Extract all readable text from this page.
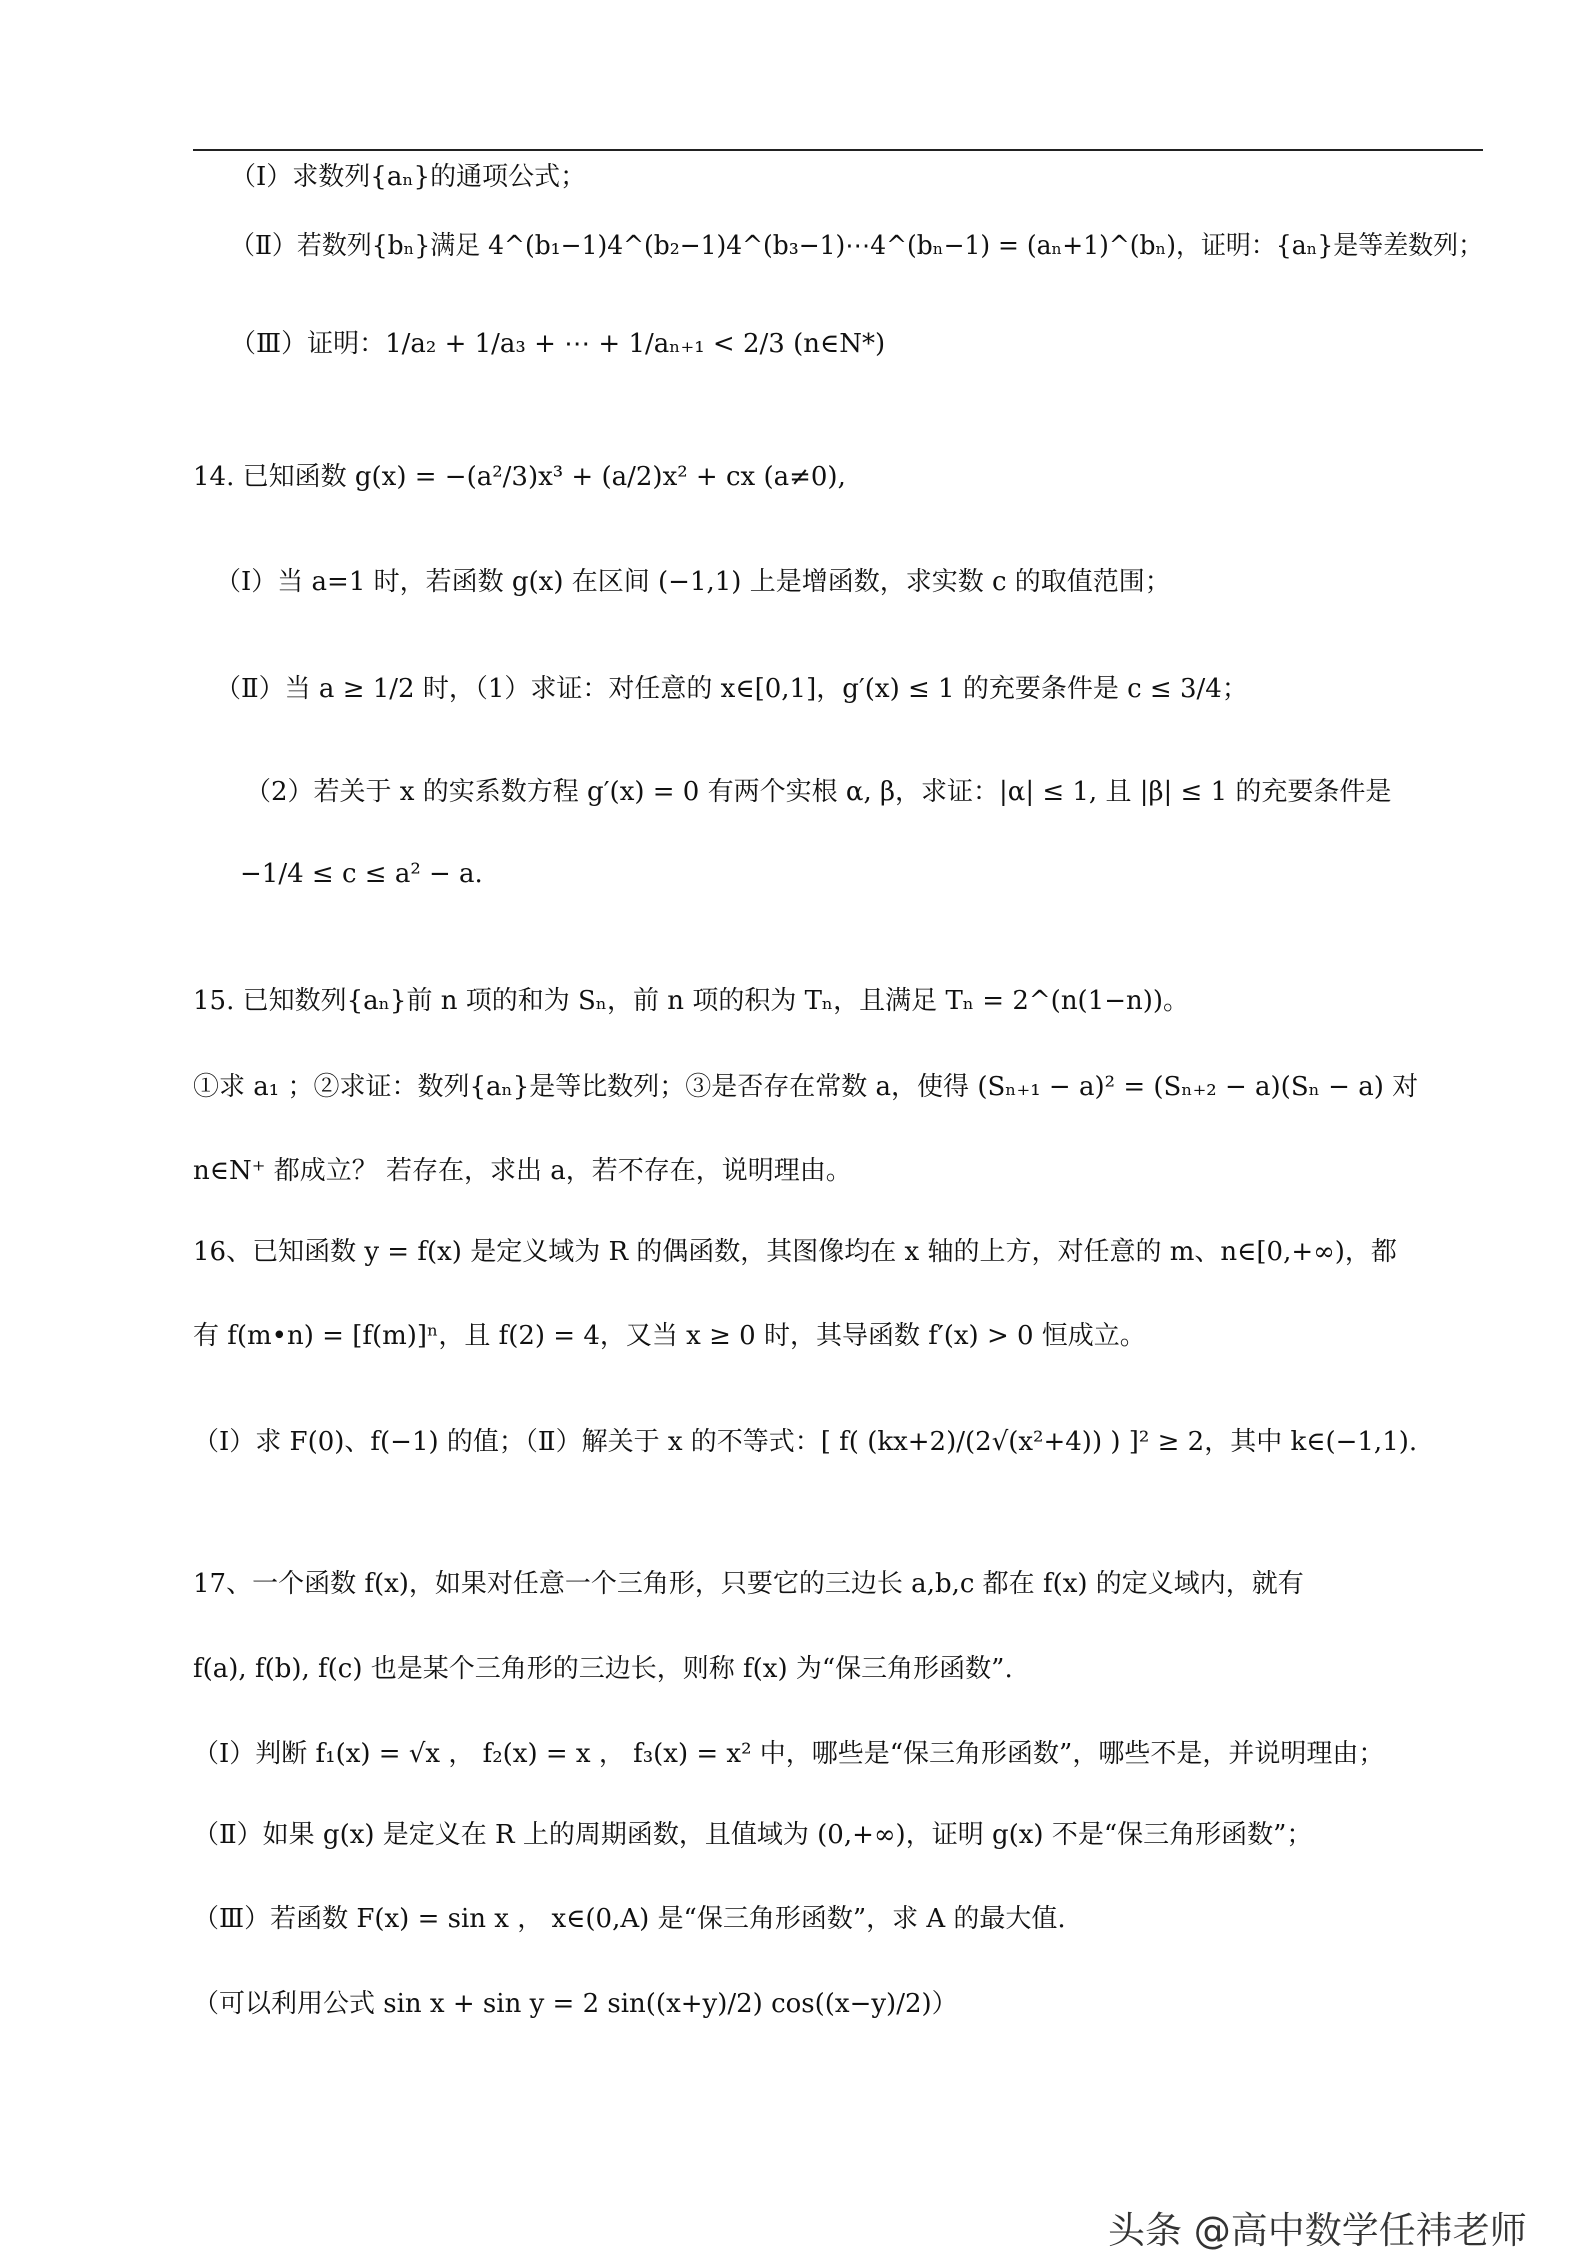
（Ⅰ）求数列{aₙ}的通项公式；
（Ⅱ）若数列{bₙ}满足 4^(b₁−1)4^(b₂−1)4^(b₃−1)⋯4^(bₙ−1) = (aₙ+1)^(bₙ)，证明：{aₙ}是等差数列；
（Ⅲ）证明：1/a₂ + 1/a₃ + ⋯ + 1/aₙ₊₁ < 2/3 (n∈N*)
14. 已知函数 g(x) = −(a²/3)x³ + (a/2)x² + cx (a≠0),
（Ⅰ）当 a=1 时，若函数 g(x) 在区间 (−1,1) 上是增函数，求实数 c 的取值范围；
（Ⅱ）当 a ≥ 1/2 时，（1）求证：对任意的 x∈[0,1]，g′(x) ≤ 1 的充要条件是 c ≤ 3/4；
（2）若关于 x 的实系数方程 g′(x) = 0 有两个实根 α, β，求证：|α| ≤ 1, 且 |β| ≤ 1 的充要条件是
−1/4 ≤ c ≤ a² − a.
15. 已知数列{aₙ}前 n 项的和为 Sₙ，前 n 项的积为 Tₙ，且满足 Tₙ = 2^(n(1−n))。
①求 a₁ ；②求证：数列{aₙ}是等比数列；③是否存在常数 a，使得 (Sₙ₊₁ − a)² = (Sₙ₊₂ − a)(Sₙ − a) 对
n∈N⁺ 都成立？ 若存在，求出 a，若不存在，说明理由。
16、已知函数 y = f(x) 是定义域为 R 的偶函数，其图像均在 x 轴的上方，对任意的 m、n∈[0,+∞)，都
有 f(m•n) = [f(m)]ⁿ，且 f(2) = 4，又当 x ≥ 0 时，其导函数 f′(x) > 0 恒成立。
（Ⅰ）求 F(0)、f(−1) 的值；（Ⅱ）解关于 x 的不等式：[ f( (kx+2)/(2√(x²+4)) ) ]² ≥ 2，其中 k∈(−1,1).
17、一个函数 f(x)，如果对任意一个三角形，只要它的三边长 a,b,c 都在 f(x) 的定义域内，就有
f(a), f(b), f(c) 也是某个三角形的三边长，则称 f(x) 为“保三角形函数”.
（Ⅰ）判断 f₁(x) = √x ， f₂(x) = x ， f₃(x) = x² 中，哪些是“保三角形函数”，哪些不是，并说明理由；
（Ⅱ）如果 g(x) 是定义在 R 上的周期函数，且值域为 (0,+∞)，证明 g(x) 不是“保三角形函数”；
（Ⅲ）若函数 F(x) = sin x ， x∈(0,A) 是“保三角形函数”，求 A 的最大值.
（可以利用公式 sin x + sin y = 2 sin((x+y)/2) cos((x−y)/2)）
头条 @高中数学任祎老师
